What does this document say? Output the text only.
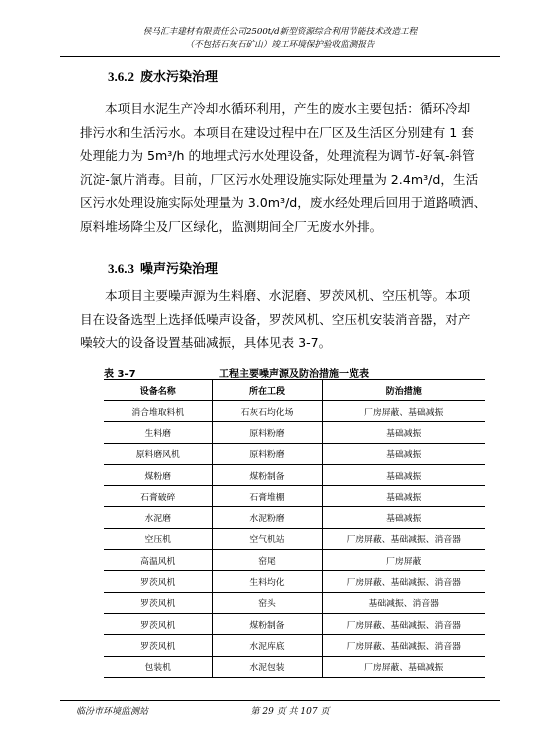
侯马汇丰建材有限责任公司2500t/d新型资源综合利用节能技术改造工程
（不包括石灰石矿山）竣工环境保护验收监测报告
3.6.2 废水污染治理
本项目水泥生产冷却水循环利用，产生的废水主要包括：循环冷却
排污水和生活污水。本项目在建设过程中在厂区及生活区分别建有 1 套
处理能力为 5m³/h 的地埋式污水处理设备，处理流程为调节-好氧-斜管
沉淀-氯片消毒。目前，厂区污水处理设施实际处理量为 2.4m³/d，生活
区污水处理设施实际处理量为 3.0m³/d，废水经处理后回用于道路喷洒、
原料堆场降尘及厂区绿化，监测期间全厂无废水外排。
3.6.3 噪声污染治理
本项目主要噪声源为生料磨、水泥磨、罗茨风机、空压机等。本项
目在设备选型上选择低噪声设备，罗茨风机、空压机安装消音器，对产
噪较大的设备设置基础减振，具体见表 3-7。
表 3-7	工程主要噪声源及防治措施一览表
设备名称	所在工段	防治措施
消合堆取料机	石灰石均化场	厂房屏蔽、基础减振
生料磨	原料粉磨	基础减振
原料磨风机	原料粉磨	基础减振
煤粉磨	煤粉制备	基础减振
石膏破碎	石膏堆棚	基础减振
水泥磨	水泥粉磨	基础减振
空压机	空气机站	厂房屏蔽、基础减振、消音器
高温风机	窑尾	厂房屏蔽
罗茨风机	生料均化	厂房屏蔽、基础减振、消音器
罗茨风机	窑头	基础减振、消音器
罗茨风机	煤粉制备	厂房屏蔽、基础减振、消音器
罗茨风机	水泥库底	厂房屏蔽、基础减振、消音器
包装机	水泥包装	厂房屏蔽、基础减振
临汾市环境监测站	第 29 页 共 107 页
